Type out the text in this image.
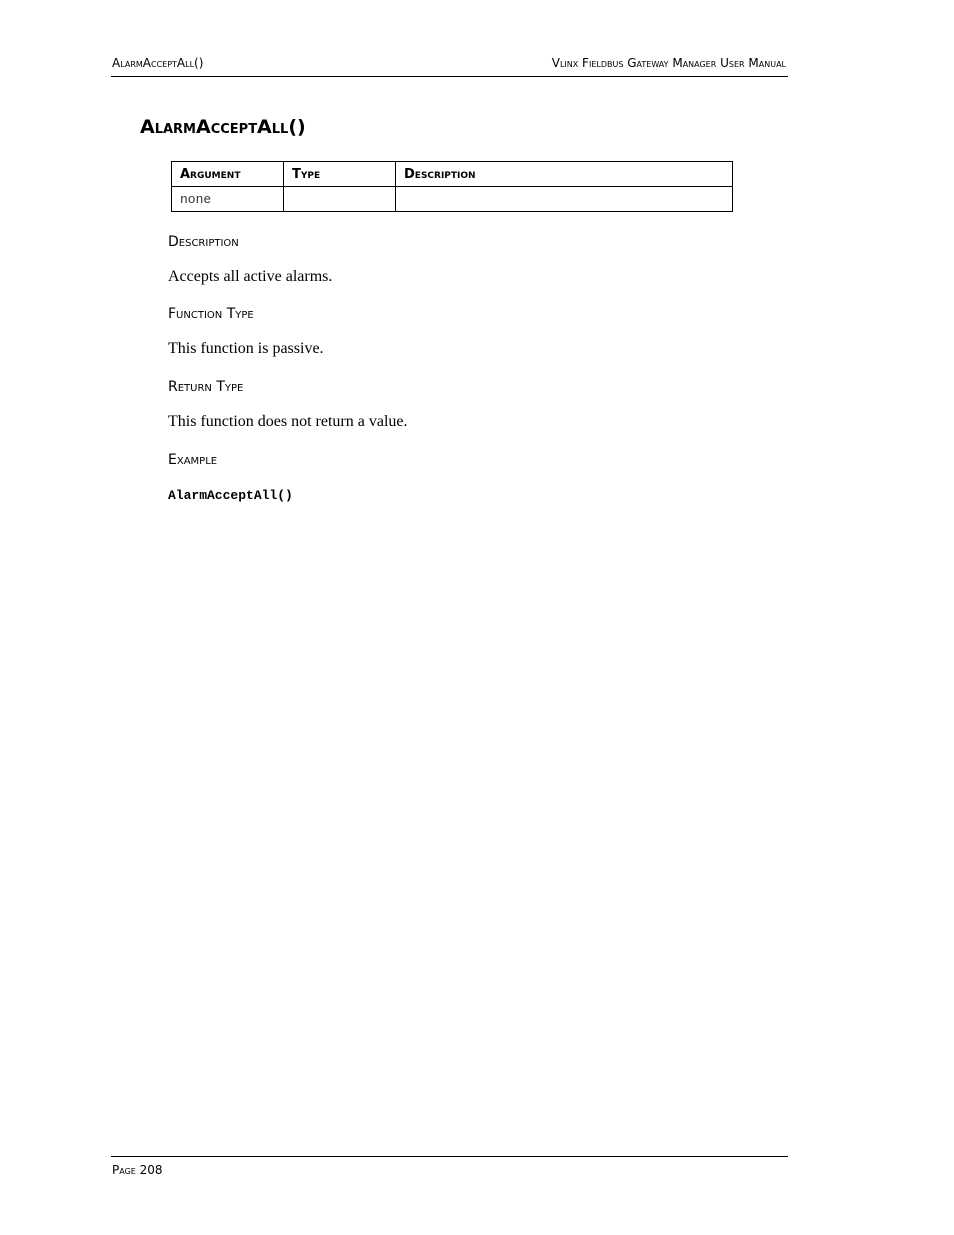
AlarmAcceptAll()	Vlinx Fieldbus Gateway Manager User Manual
AlarmAcceptAll()
Argument	Type	Description
none		
Description

Accepts all active alarms.

Function Type

This function is passive.

Return Type

This function does not return a value.

Example

AlarmAcceptAll()

Page 208
